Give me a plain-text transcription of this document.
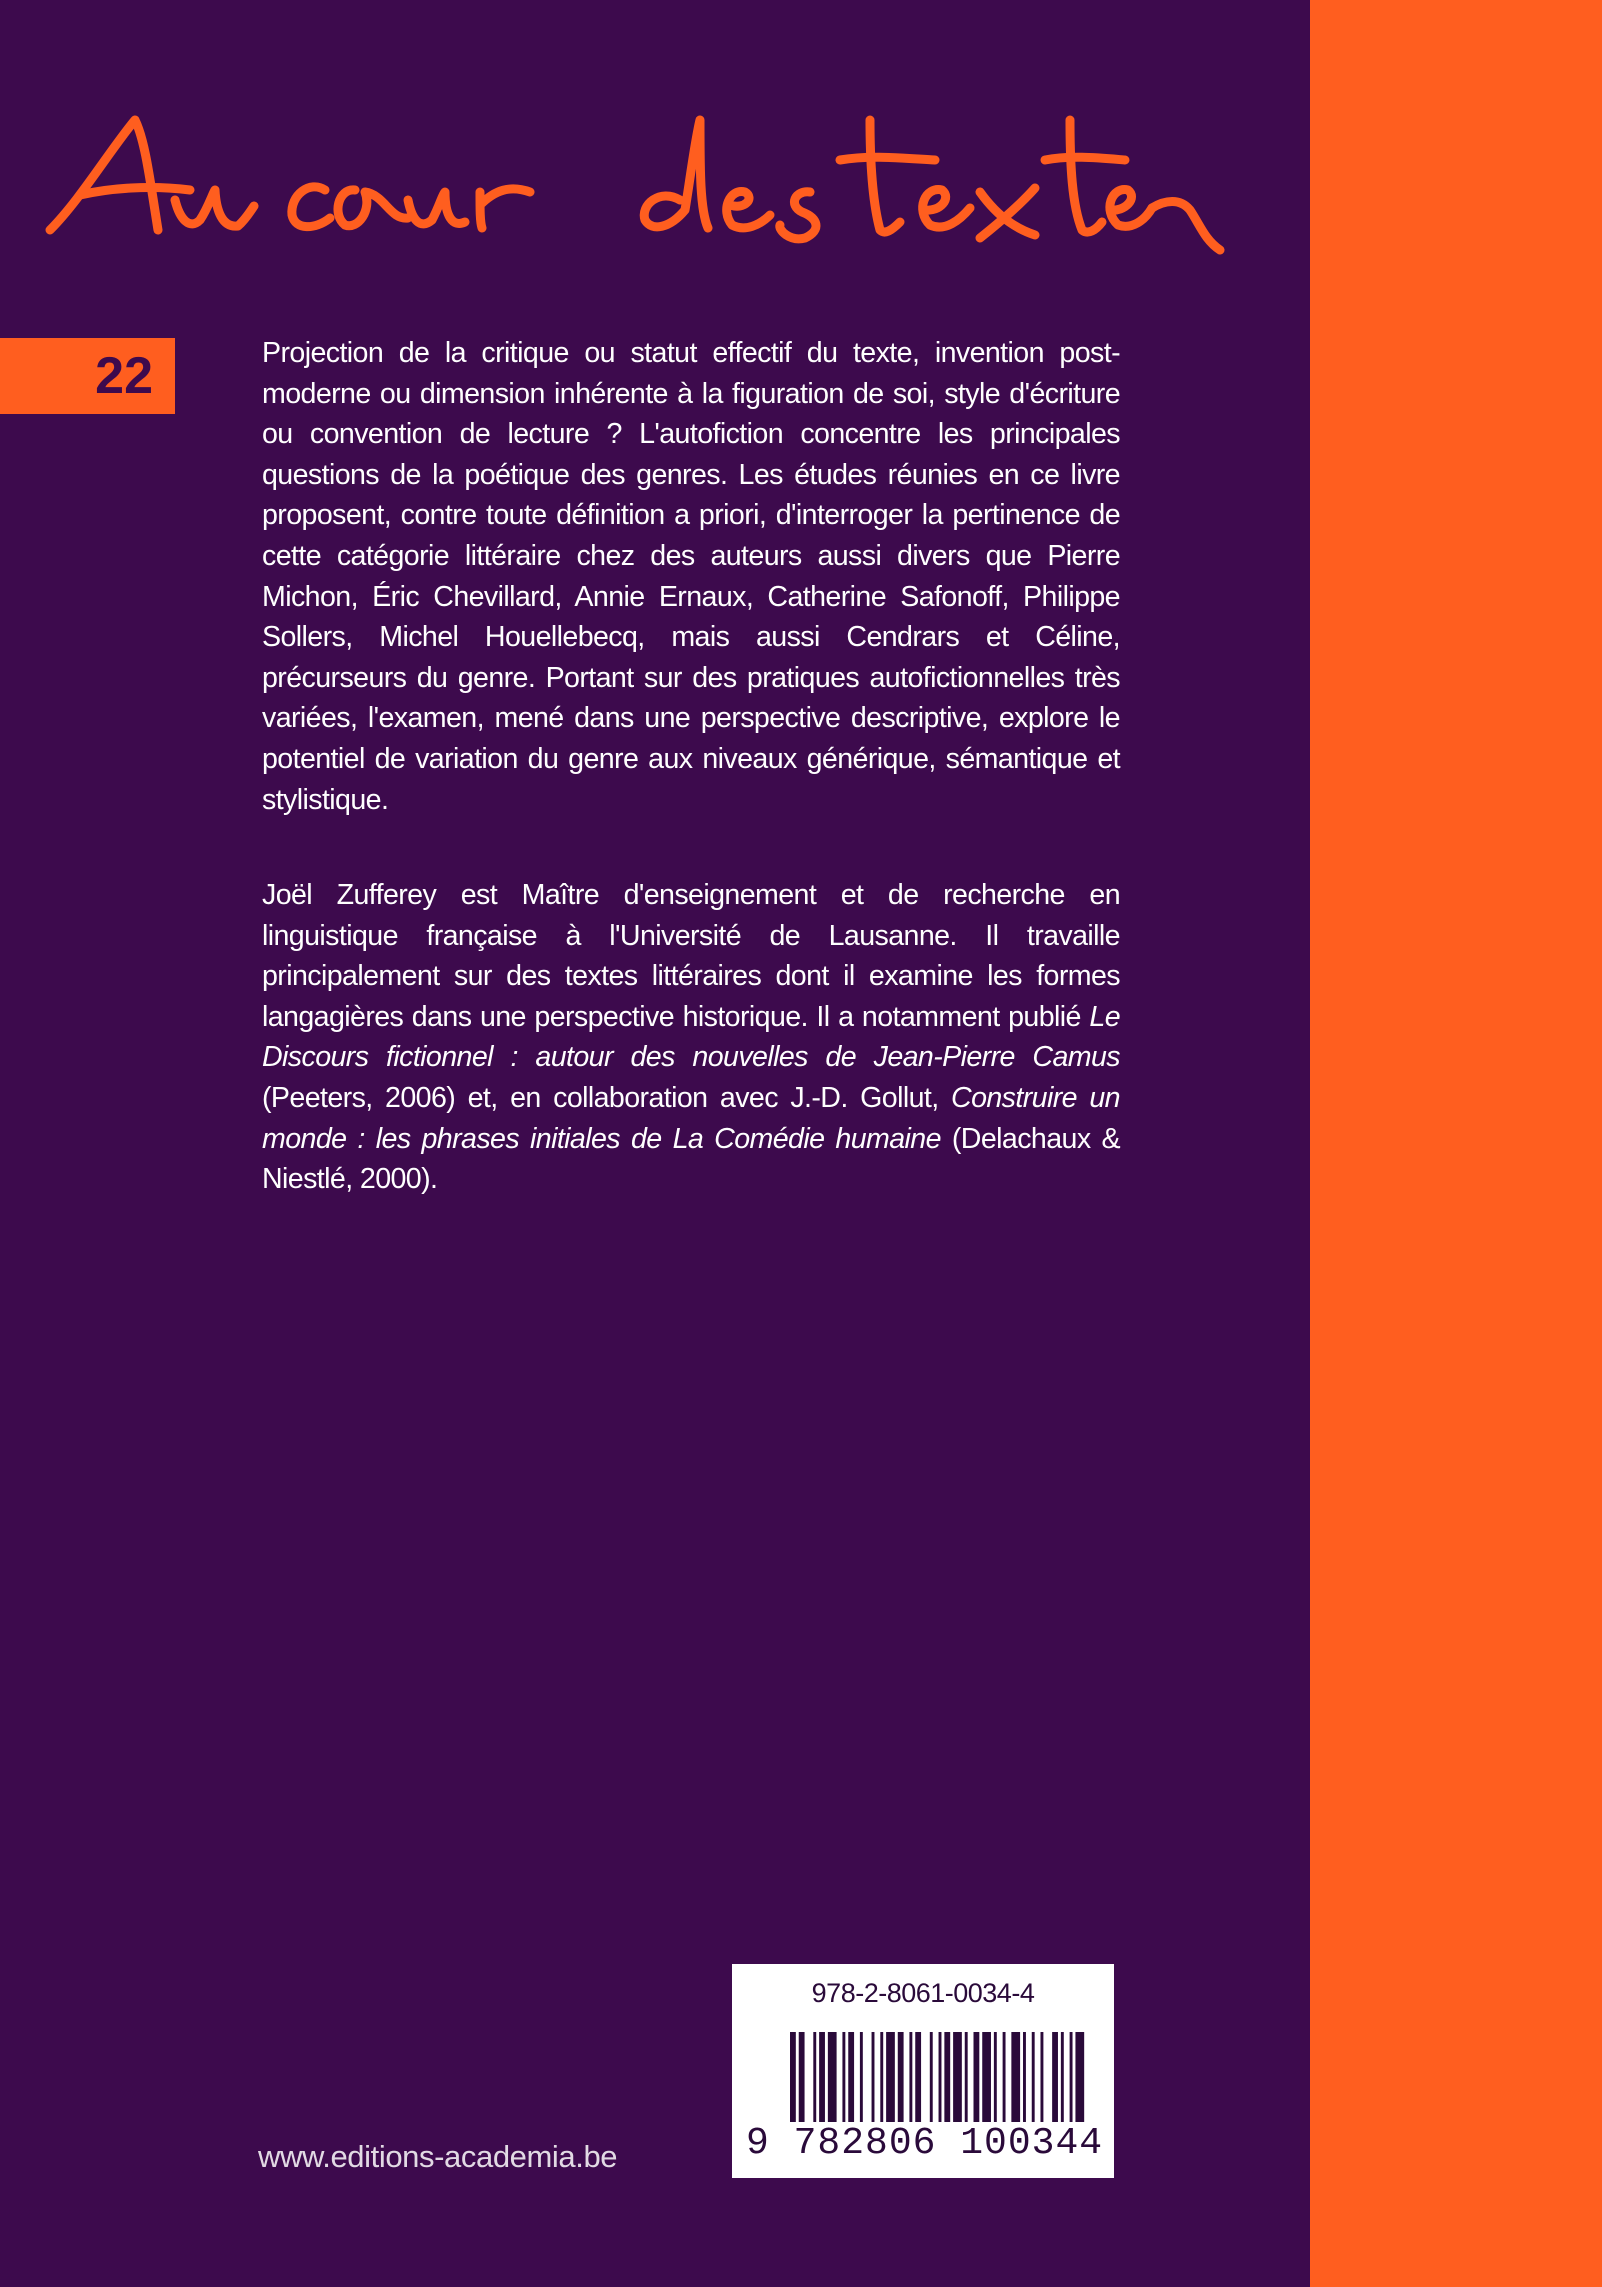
22	Projection de la critique ou statut effectif du texte, invention post-moderne ou dimension inhérente à la figuration de soi, style d'écriture ou convention de lecture ? L'autofiction concentre les principales questions de la poétique des genres. Les études réunies en ce livre proposent, contre toute définition a priori, d'interroger la pertinence de cette catégorie littéraire chez des auteurs aussi divers que Pierre Michon, Éric Chevillard, Annie Ernaux, Catherine Safonoff, Philippe Sollers, Michel Houellebecq, mais aussi Cendrars et Céline, précurseurs du genre. Portant sur des pratiques autofictionnelles très variées, l'examen, mené dans une perspective descriptive, explore le potentiel de variation du genre aux niveaux générique, sémantique et stylistique.

Joël Zufferey est Maître d'enseignement et de recherche en linguistique française à l'Université de Lausanne. Il travaille principalement sur des textes littéraires dont il examine les formes langagières dans une perspective historique. Il a notamment publié Le Discours fictionnel : autour des nouvelles de Jean-Pierre Camus (Peeters, 2006) et, en collaboration avec J.-D. Gollut, Construire un monde : les phrases initiales de La Comédie humaine (Delachaux & Niestlé, 2000).

978-2-8061-0034-4
9 782806 100344
www.editions-academia.be
